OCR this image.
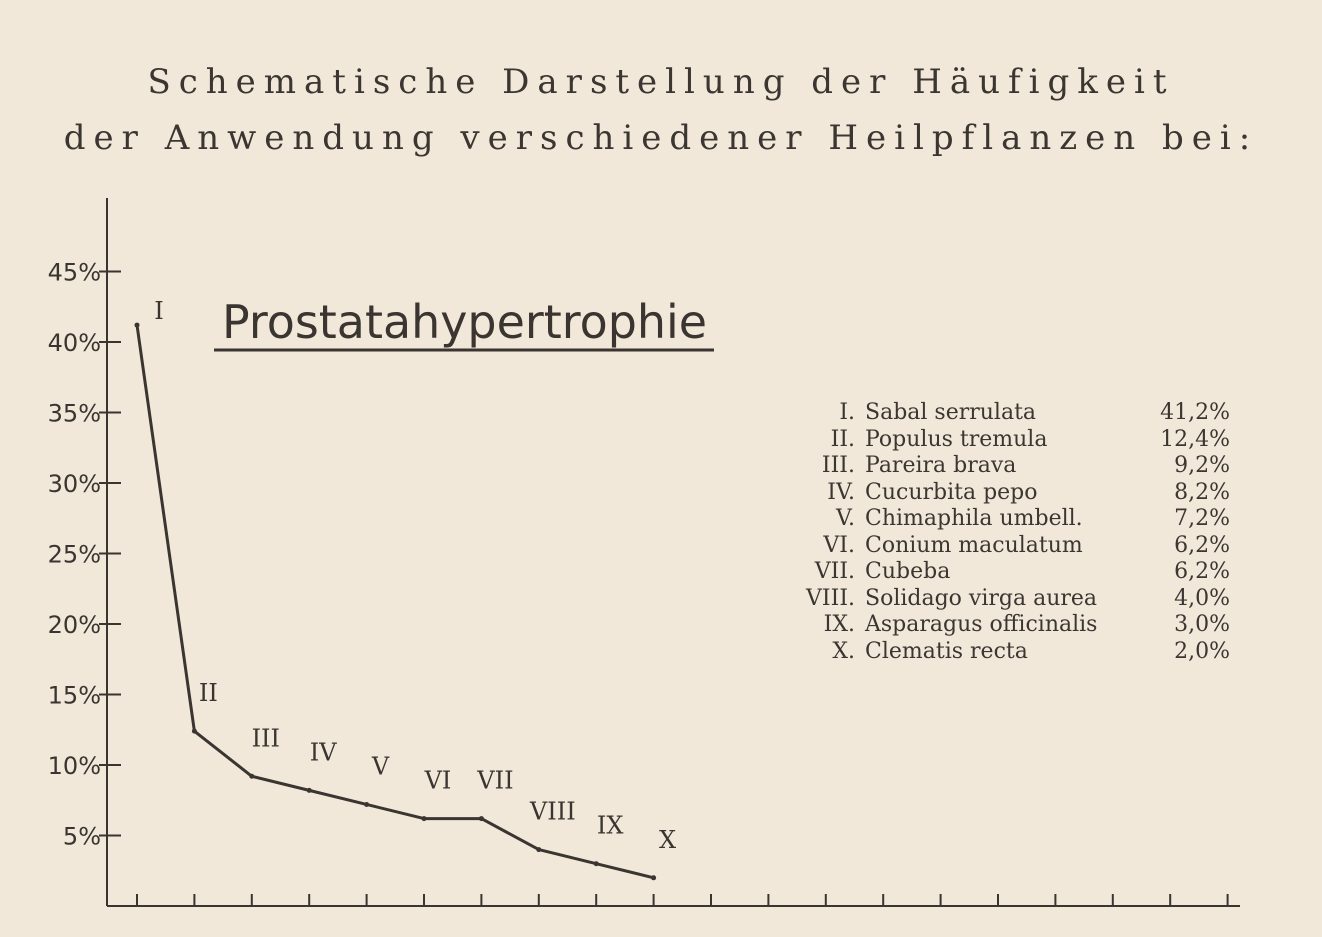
Schematische Darstellung der Häufigkeit
der Anwendung verschiedener Heilpflanzen bei:
5%
10%
15%
20%
25%
30%
35%
40%
45%
Prostatahypertrophie
I
II
III
IV
V
VI VII
VIII
IX
X
I. Sabal serrulata	41,2%
II. Populus tremula	12,4%
III. Pareira brava	9,2%
IV. Cucurbita pepo	8,2%
V. Chimaphila umbell.	7,2%
VI. Conium maculatum	6,2%
VII. Cubeba	6,2%
VIII. Solidago virga aurea	4,0%
IX. Asparagus officinalis	3,0%
X. Clematis recta	2,0%
